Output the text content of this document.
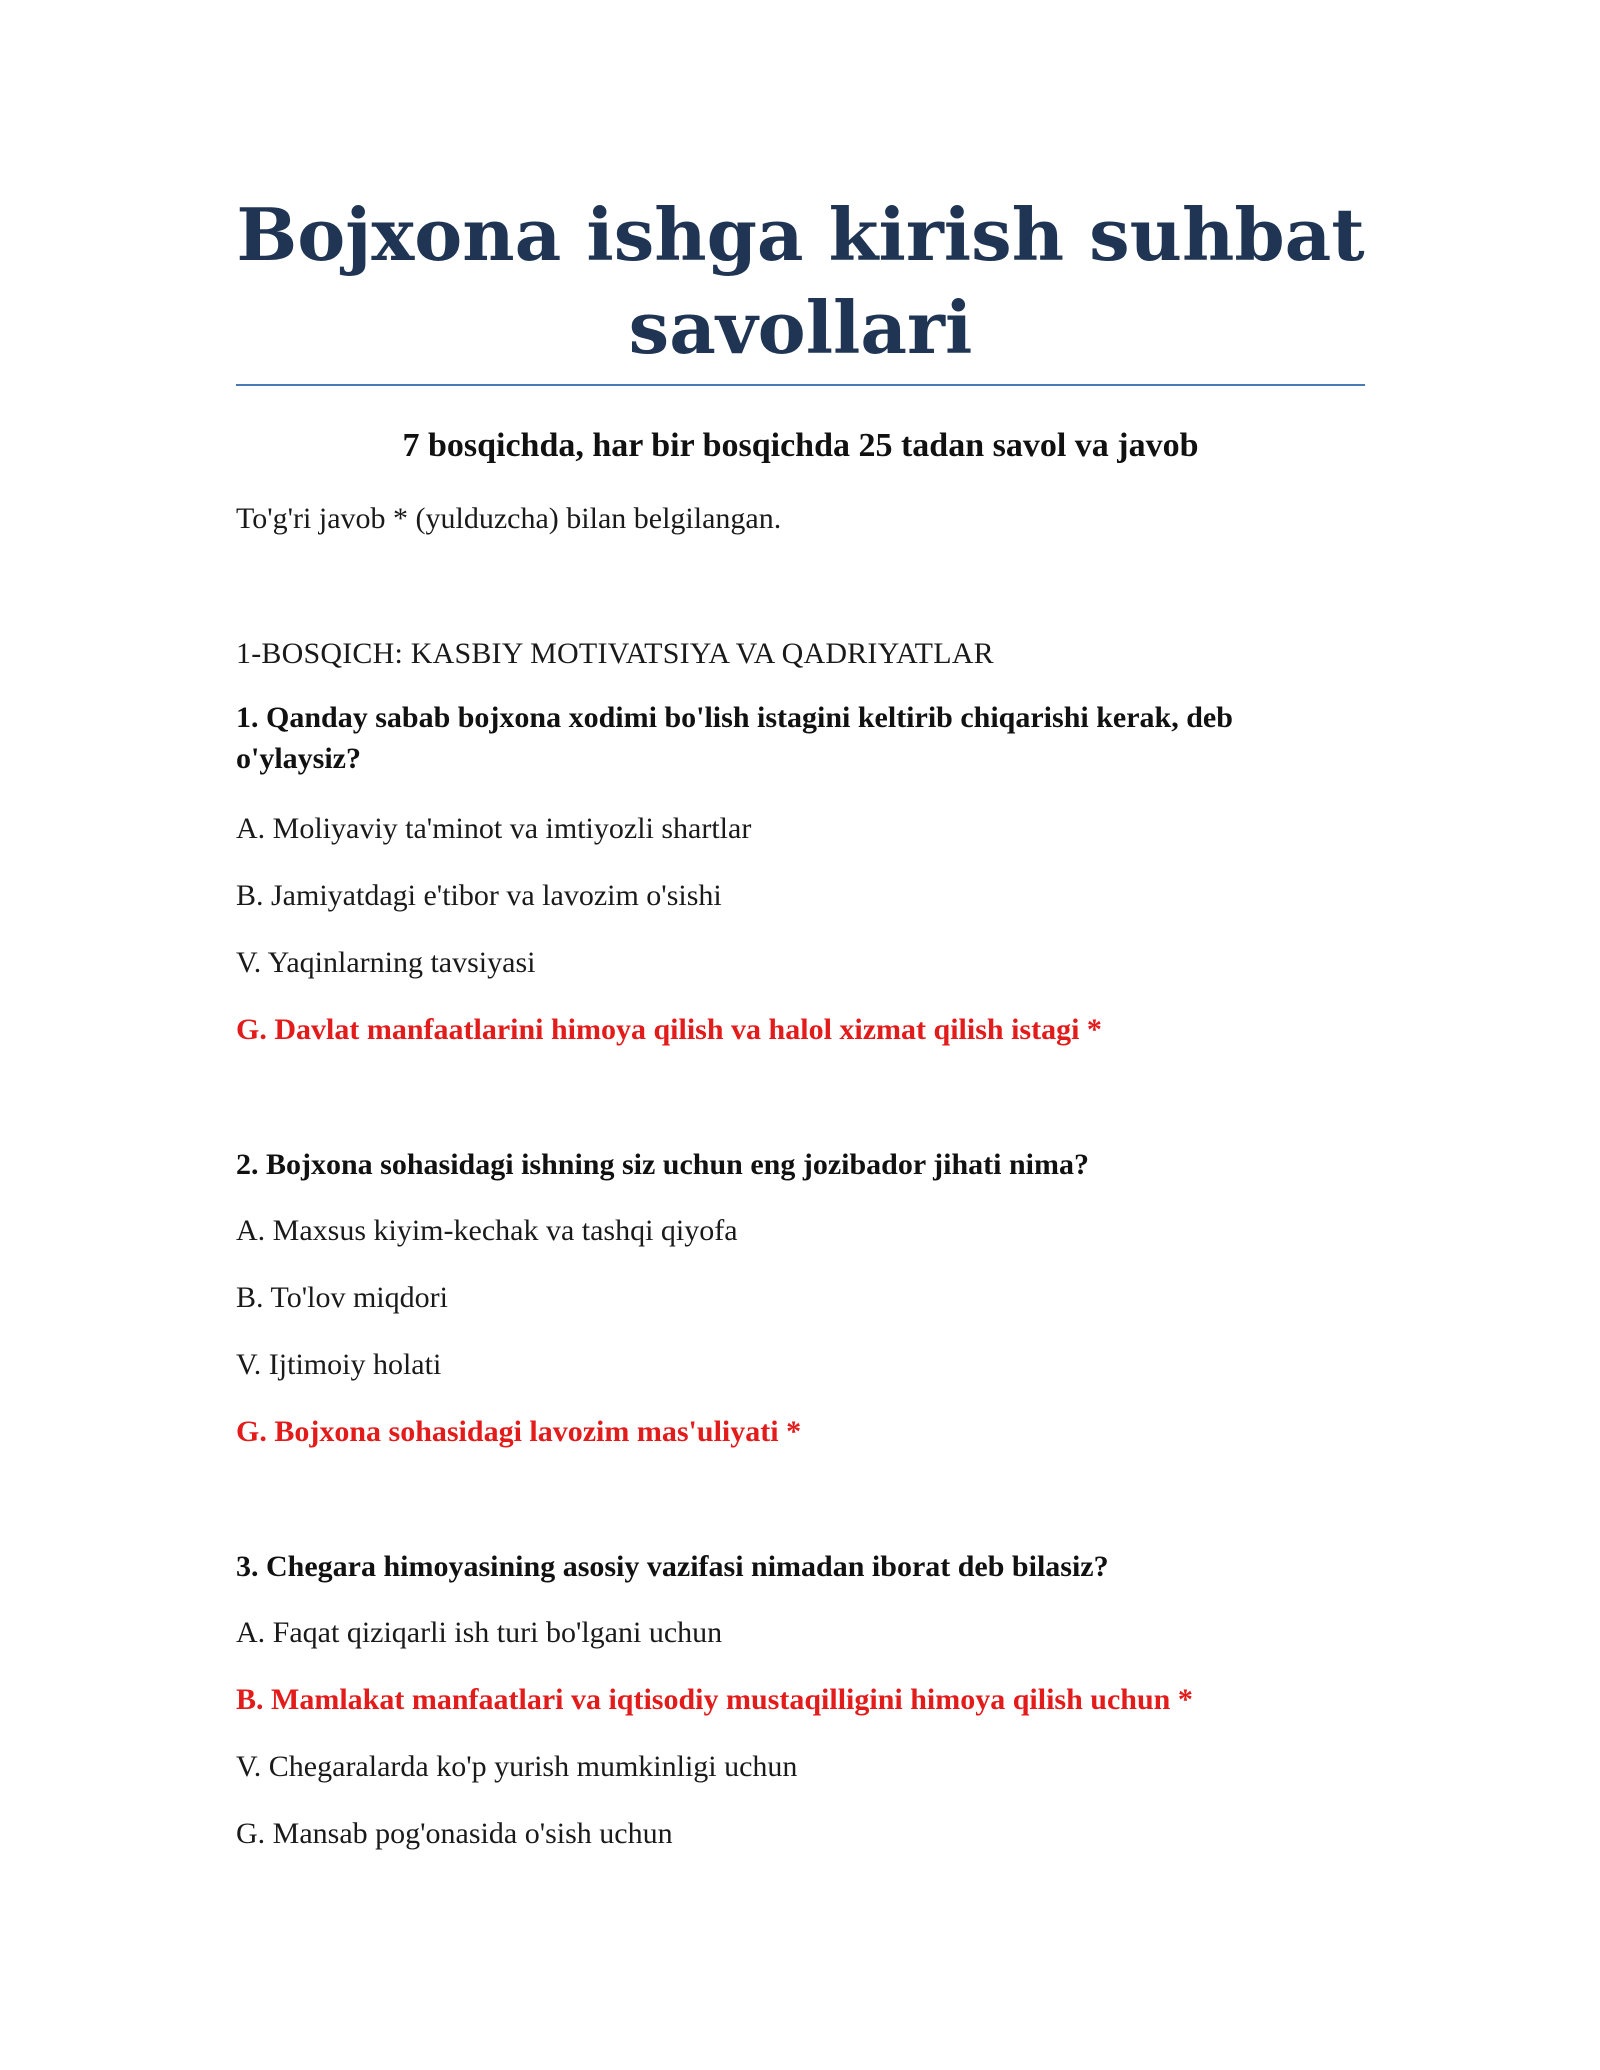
Bojxona ishga kirish suhbat savollari

7 bosqichda, har bir bosqichda 25 tadan savol va javob

To'g'ri javob * (yulduzcha) bilan belgilangan.

1-BOSQICH: KASBIY MOTIVATSIYA VA QADRIYATLAR

1. Qanday sabab bojxona xodimi bo'lish istagini keltirib chiqarishi kerak, deb o'ylaysiz?

A. Moliyaviy ta'minot va imtiyozli shartlar

B. Jamiyatdagi e'tibor va lavozim o'sishi

V. Yaqinlarning tavsiyasi

G. Davlat manfaatlarini himoya qilish va halol xizmat qilish istagi *

2. Bojxona sohasidagi ishning siz uchun eng jozibador jihati nima?

A. Maxsus kiyim-kechak va tashqi qiyofa

B. To'lov miqdori

V. Ijtimoiy holati

G. Bojxona sohasidagi lavozim mas'uliyati *

3. Chegara himoyasining asosiy vazifasi nimadan iborat deb bilasiz?

A. Faqat qiziqarli ish turi bo'lgani uchun

B. Mamlakat manfaatlari va iqtisodiy mustaqilligini himoya qilish uchun *

V. Chegaralarda ko'p yurish mumkinligi uchun

G. Mansab pog'onasida o'sish uchun
